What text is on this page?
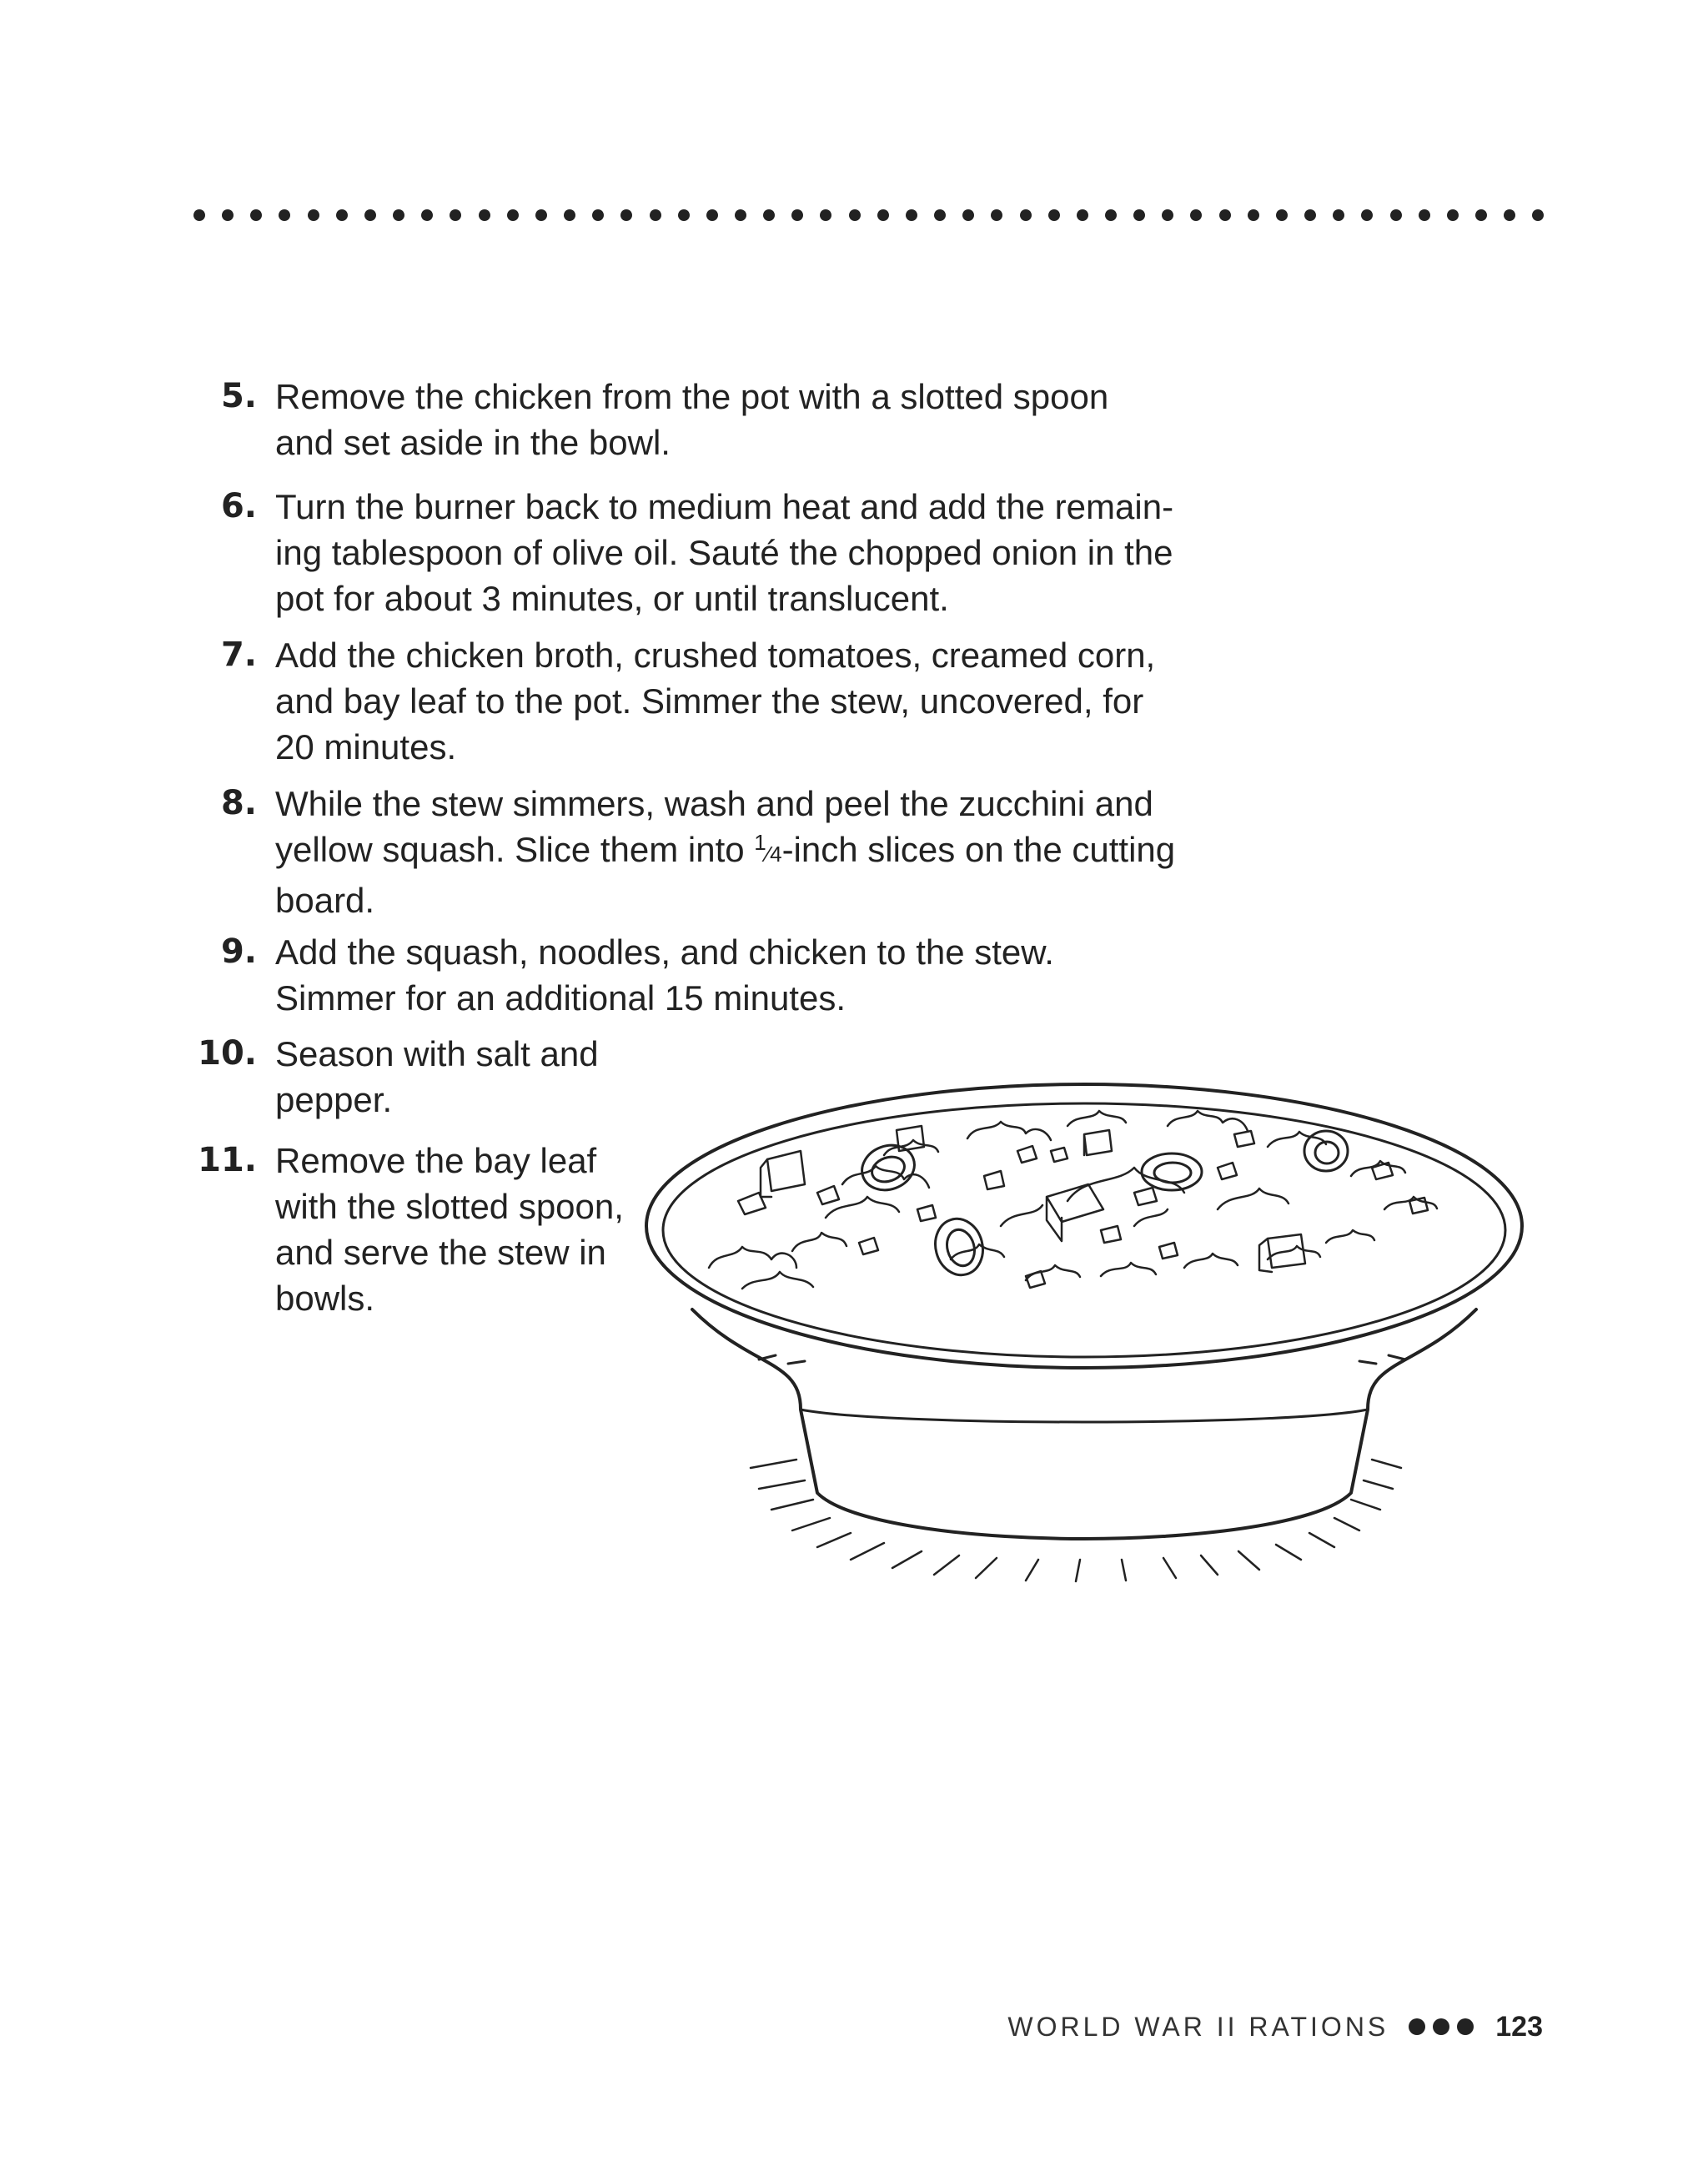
5. Remove the chicken from the pot with a slotted spoon and set aside in the bowl.
6. Turn the burner back to medium heat and add the remain-ing tablespoon of olive oil. Sauté the chopped onion in the pot for about 3 minutes, or until translucent.
7. Add the chicken broth, crushed tomatoes, creamed corn, and bay leaf to the pot. Simmer the stew, uncovered, for 20 minutes.
8. While the stew simmers, wash and peel the zucchini and yellow squash. Slice them into $^1$⁄4-inch slices on the cutting board.
9. Add the squash, noodles, and chicken to the stew. Simmer for an additional 15 minutes.
10. Season with salt and pepper.
11. Remove the bay leaf with the slotted spoon, and serve the stew in bowls.
WORLD WAR II RATIONS	123
